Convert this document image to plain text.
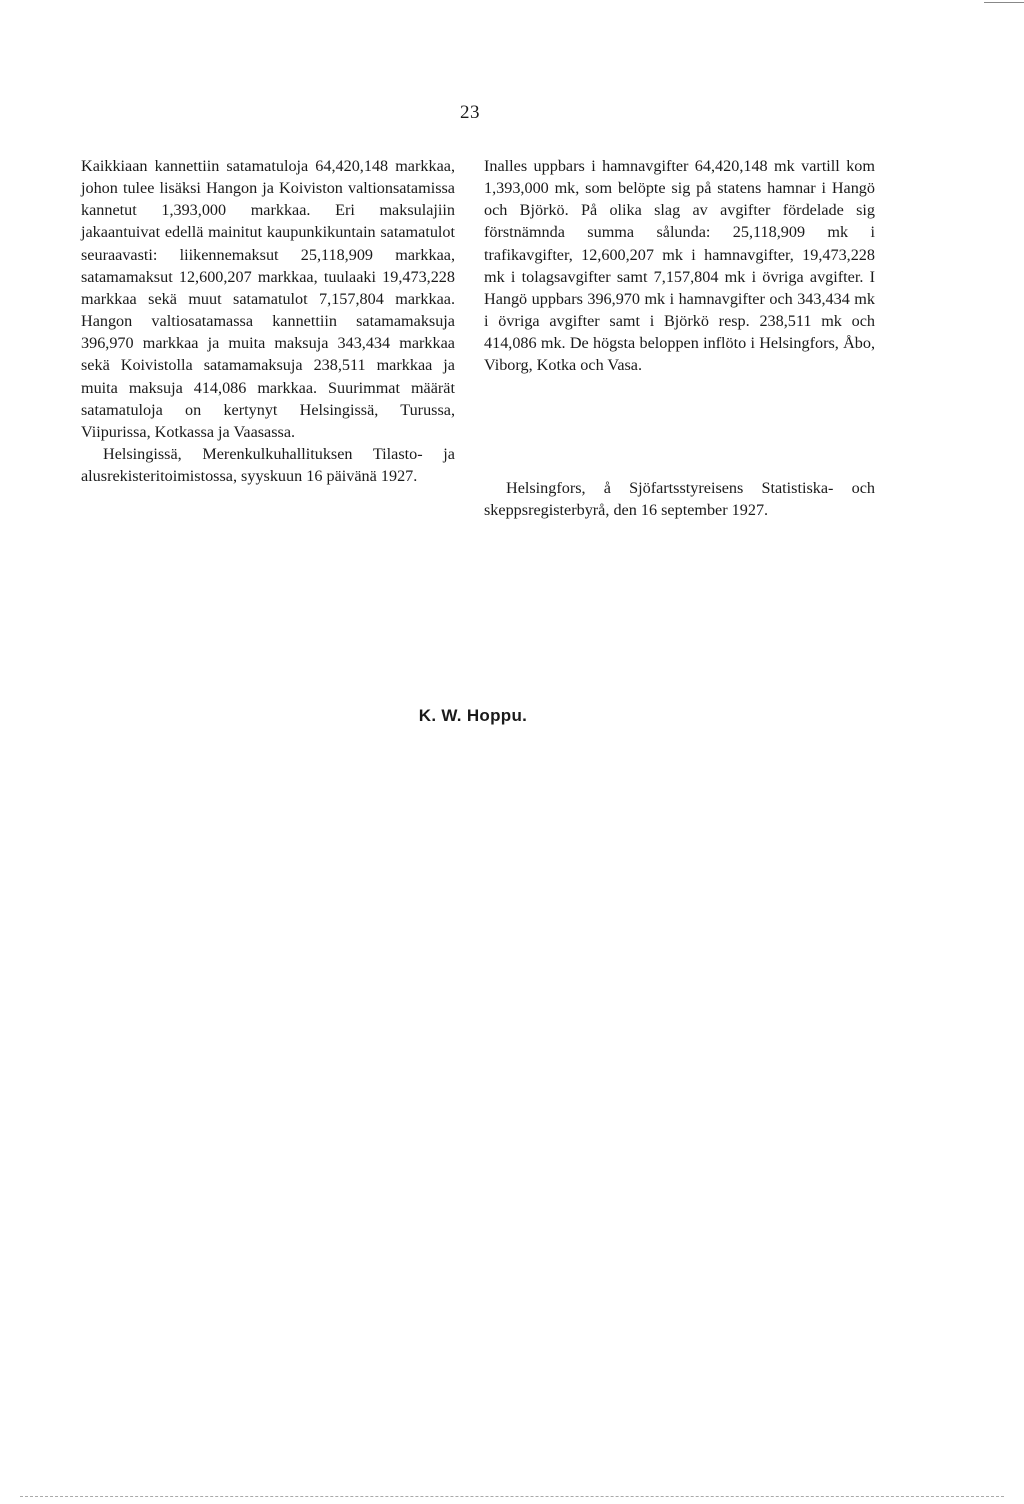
23

Kaikkiaan kannettiin satamatuloja 64,420,148 markkaa, johon tulee lisäksi Hangon ja Koiviston valtionsatamissa kannetut 1,393,000 markkaa. Eri maksulajiin jakaantuivat edellä mainitut kaupunkikuntain satamatulot seuraavasti: liikennemaksut 25,118,909 markkaa, satamamaksut 12,600,207 markkaa, tuulaaki 19,473,228 markkaa sekä muut satamatulot 7,157,804 markkaa. Hangon valtiosatamassa kannettiin satamamaksuja 396,970 markkaa ja muita maksuja 343,434 markkaa sekä Koivistolla satamamaksuja 238,511 markkaa ja muita maksuja 414,086 markkaa. Suurimmat määrät satamatuloja on kertynyt Helsingissä, Turussa, Viipurissa, Kotkassa ja Vaasassa.

Helsingissä, Merenkulkuhallituksen Tilasto- ja alusrekisteritoimistossa, syyskuun 16 päivänä 1927.

Inalles uppbars i hamnavgifter 64,420,148 mk vartill kom 1,393,000 mk, som belöpte sig på statens hamnar i Hangö och Björkö. På olika slag av avgifter fördelade sig förstnämnda summa sålunda: 25,118,909 mk i trafikavgifter, 12,600,207 mk i hamnavgifter, 19,473,228 mk i tolagsavgifter samt 7,157,804 mk i övriga avgifter. I Hangö uppbars 396,970 mk i hamnavgifter och 343,434 mk i övriga avgifter samt i Björkö resp. 238,511 mk och 414,086 mk. De högsta beloppen inflöto i Helsingfors, Åbo, Viborg, Kotka och Vasa.

Helsingfors, å Sjöfartsstyreisens Statistiska- och skeppsregisterbyrå, den 16 september 1927.

K. W. Hoppu.
